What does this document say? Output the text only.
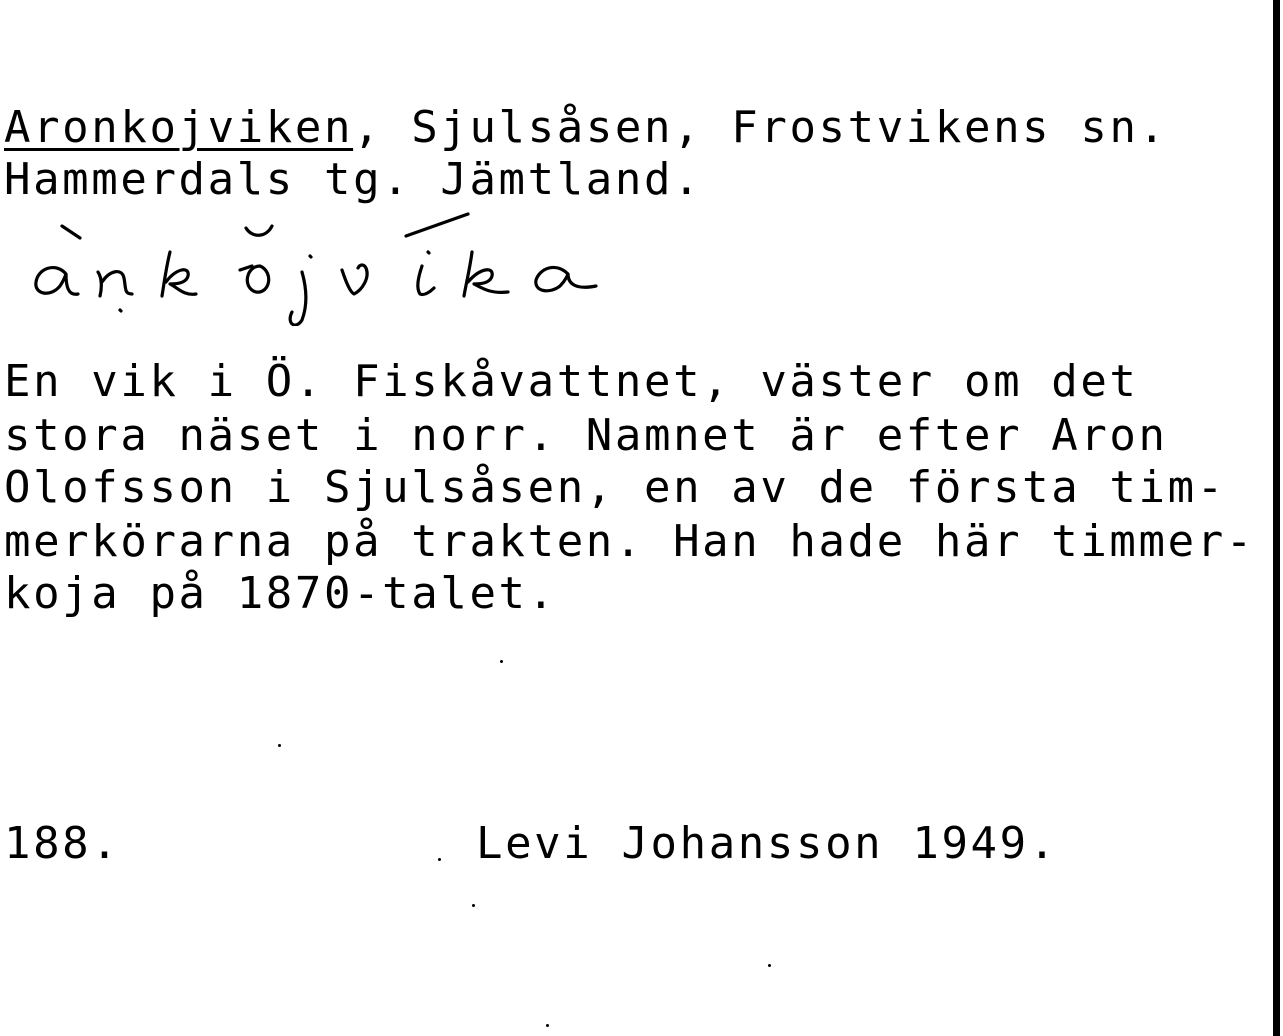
Aronkojviken, Sjulsåsen, Frostvikens sn.

Hammerdals tg. Jämtland.

En vik i Ö. Fiskåvattnet, väster om det

stora näset i norr. Namnet är efter Aron

Olofsson i Sjulsåsen, en av de första tim-

merkörarna på trakten. Han hade här timmer-

koja på 1870-talet.

188.	Levi Johansson 1949.
